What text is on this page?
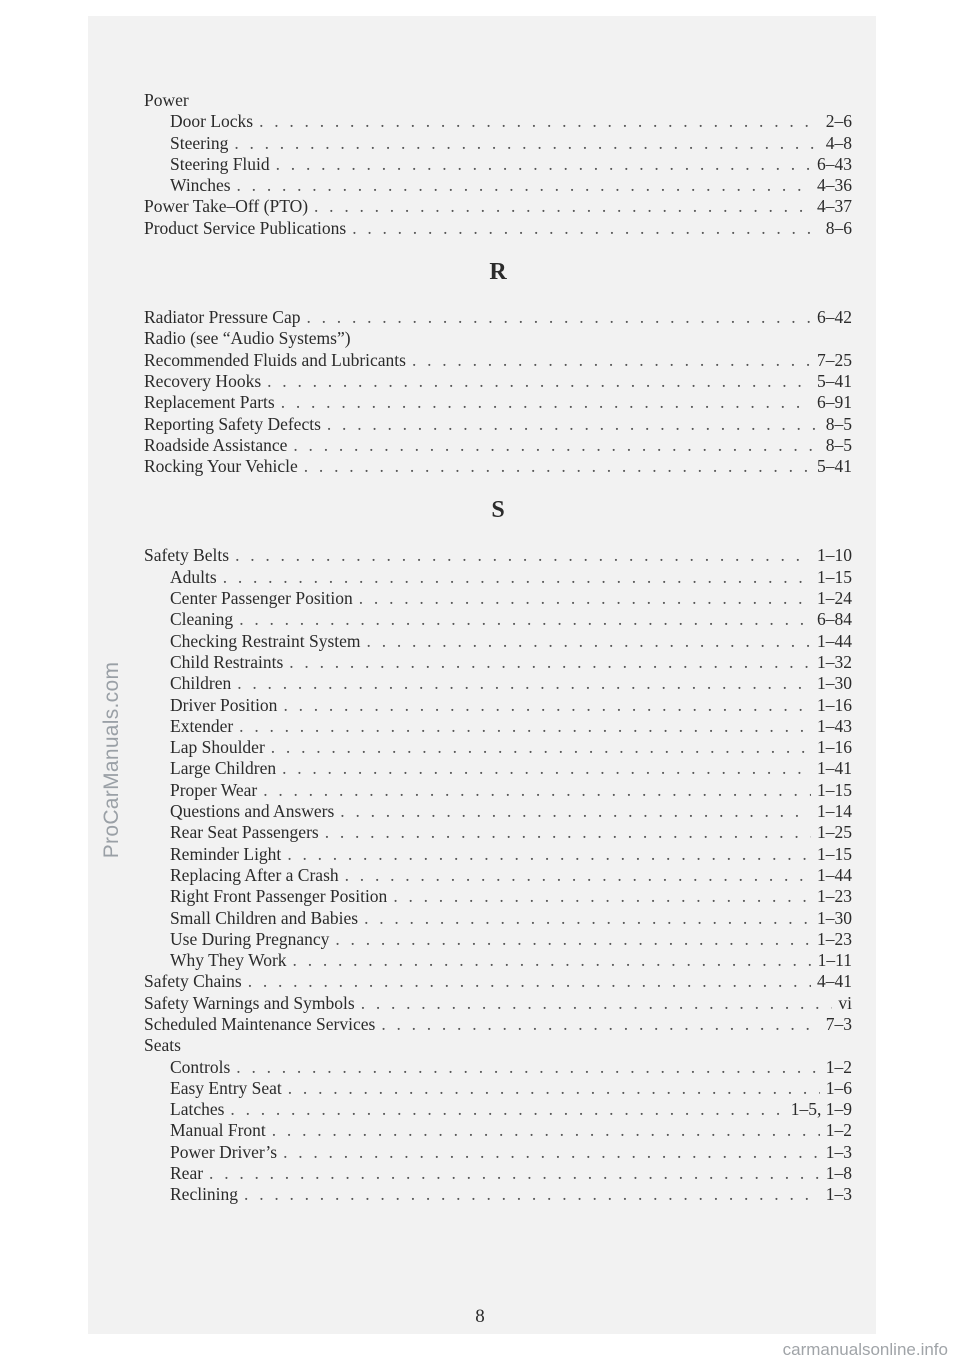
ProCarManuals.com
Power
Door Locks . . .	2–6
Steering . . .	4–8
Steering Fluid . . .	6–43
Winches . . .	4–36
Power Take–Off (PTO) . . .	4–37
Product Service Publications . . .	8–6
R
Radiator Pressure Cap . . .	6–42
Radio (see “Audio Systems”)
Recommended Fluids and Lubricants . . .	7–25
Recovery Hooks . . .	5–41
Replacement Parts . . .	6–91
Reporting Safety Defects . . .	8–5
Roadside Assistance . . .	8–5
Rocking Your Vehicle . . .	5–41
S
Safety Belts . . .	1–10
Adults . . .	1–15
Center Passenger Position . . .	1–24
Cleaning . . .	6–84
Checking Restraint System . . .	1–44
Child Restraints . . .	1–32
Children . . .	1–30
Driver Position . . .	1–16
Extender . . .	1–43
Lap Shoulder . . .	1–16
Large Children . . .	1–41
Proper Wear . . .	1–15
Questions and Answers . . .	1–14
Rear Seat Passengers . . .	1–25
Reminder Light . . .	1–15
Replacing After a Crash . . .	1–44
Right Front Passenger Position . . .	1–23
Small Children and Babies . . .	1–30
Use During Pregnancy . . .	1–23
Why They Work . . .	1–11
Safety Chains . . .	4–41
Safety Warnings and Symbols . . .	vi
Scheduled Maintenance Services . . .	7–3
Seats
Controls . . .	1–2
Easy Entry Seat . . .	1–6
Latches . . .	1–5, 1–9
Manual Front . . .	1–2
Power Driver’s . . .	1–3
Rear . . .	1–8
Reclining . . .	1–3
8
carmanualsonline.info
